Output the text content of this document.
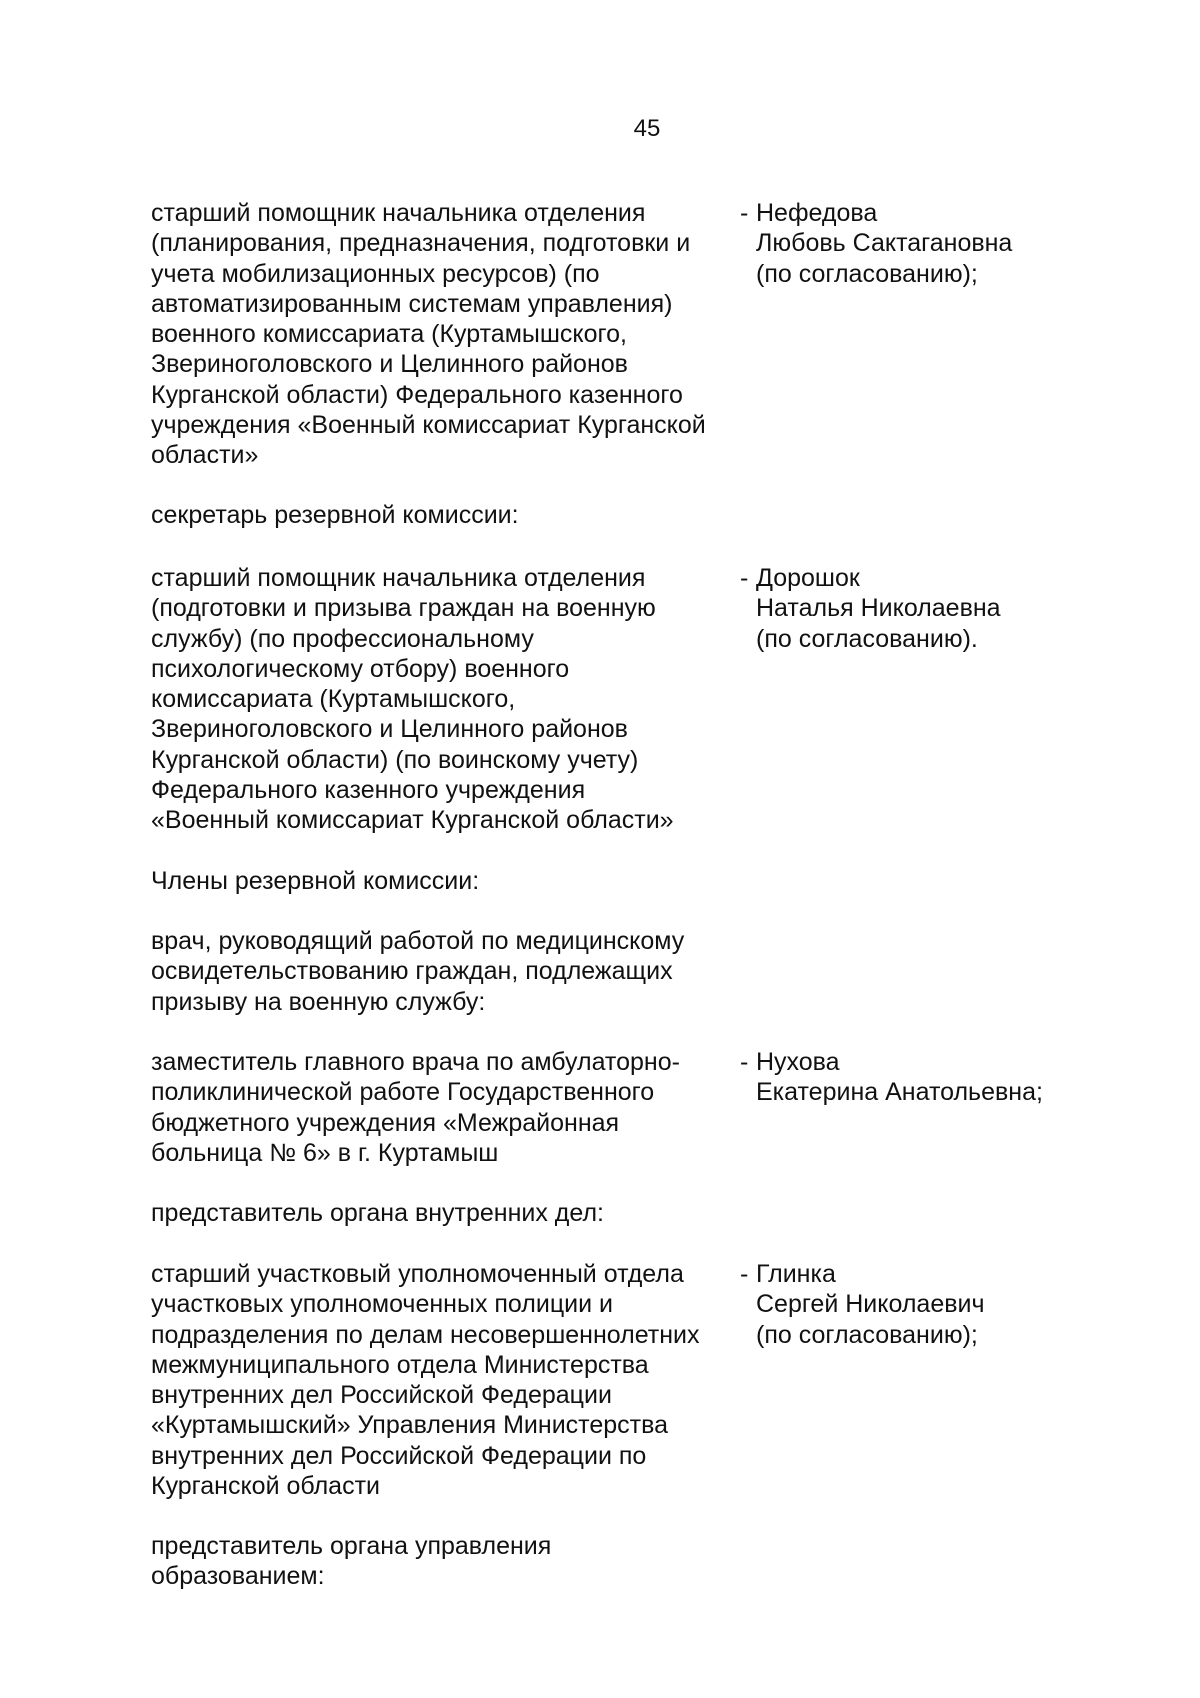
45
старший помощник начальника отделения
(планирования, предназначения, подготовки и
учета мобилизационных ресурсов) (по
автоматизированным системам управления)
военного комиссариата (Куртамышского,
Звериноголовского и Целинного районов
Курганской области) Федерального казенного
учреждения «Военный комиссариат Курганской
области»
- Нефедова
Любовь Сактагановна
(по согласованию);
секретарь резервной комиссии:
старший помощник начальника отделения
(подготовки и призыва граждан на военную
службу) (по профессиональному
психологическому отбору) военного
комиссариата (Куртамышского,
Звериноголовского и Целинного районов
Курганской области) (по воинскому учету)
Федерального казенного учреждения
«Военный комиссариат Курганской области»
- Дорошок
Наталья Николаевна
(по согласованию).
Члены резервной комиссии:
врач, руководящий работой по медицинскому
освидетельствованию граждан, подлежащих
призыву на военную службу:
заместитель главного врача по амбулаторно-
поликлинической работе Государственного
бюджетного учреждения «Межрайонная
больница № 6» в г. Куртамыш
- Нухова
Екатерина Анатольевна;
представитель органа внутренних дел:
старший участковый уполномоченный отдела
участковых уполномоченных полиции и
подразделения по делам несовершеннолетних
межмуниципального отдела Министерства
внутренних дел Российской Федерации
«Куртамышский» Управления Министерства
внутренних дел Российской Федерации по
Курганской области
- Глинка
Сергей Николаевич
(по согласованию);
представитель органа управления
образованием:
